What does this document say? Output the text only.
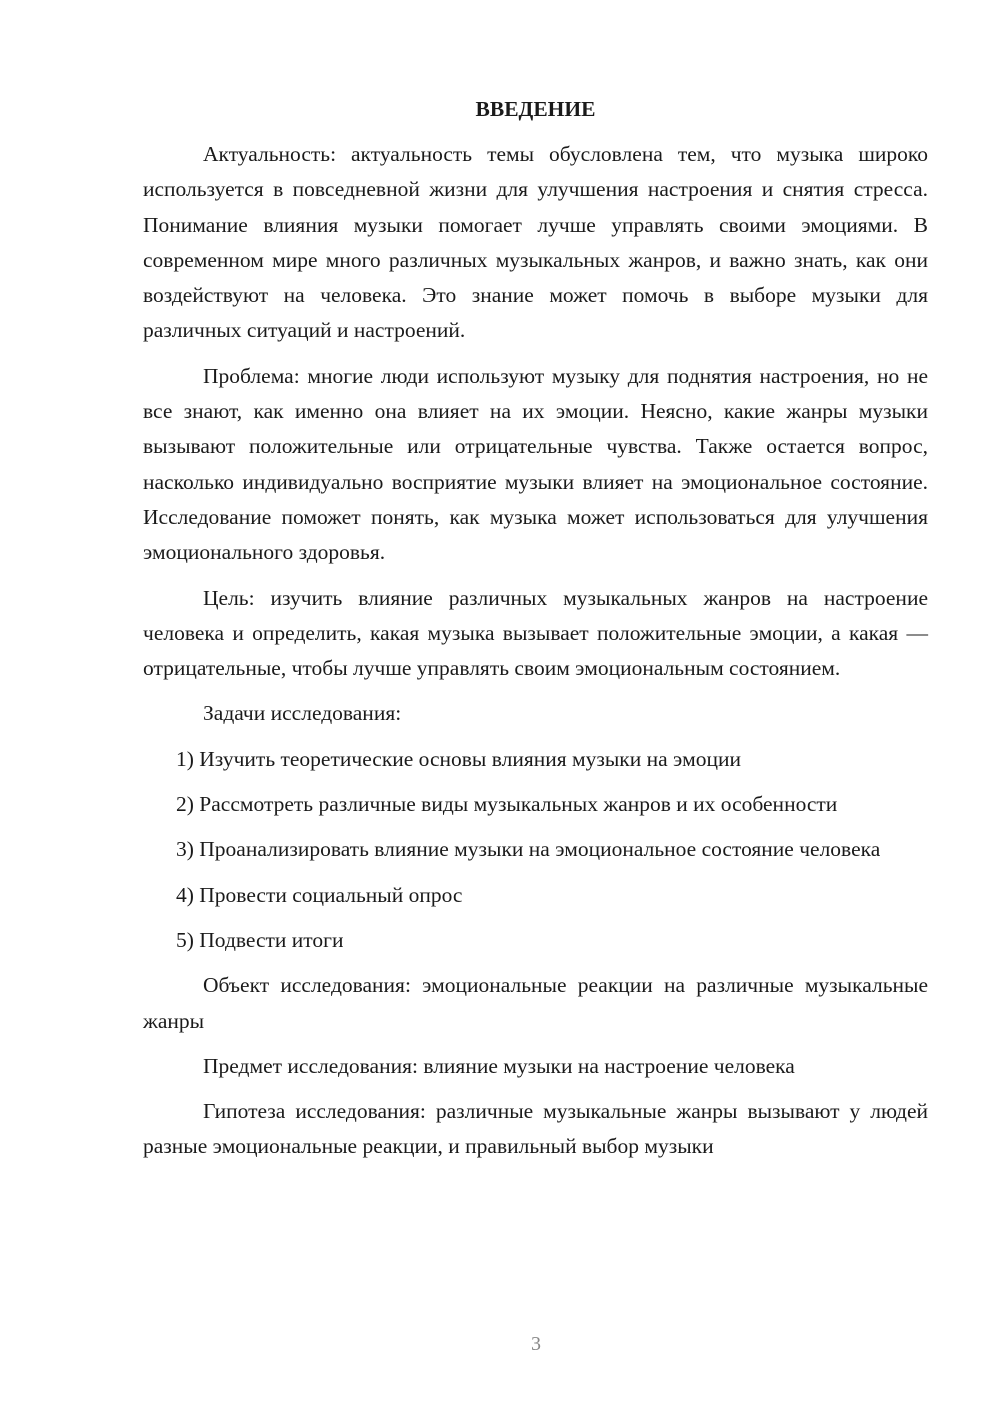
ВВЕДЕНИЕ

Актуальность: актуальность темы обусловлена тем, что музыка широко используется в повседневной жизни для улучшения настроения и снятия стресса. Понимание влияния музыки помогает лучше управлять своими эмоциями. В современном мире много различных музыкальных жанров, и важно знать, как они воздействуют на человека. Это знание может помочь в выборе музыки для различных ситуаций и настроений.

Проблема: многие люди используют музыку для поднятия настроения, но не все знают, как именно она влияет на их эмоции. Неясно, какие жанры музыки вызывают положительные или отрицательные чувства. Также остается вопрос, насколько индивидуально восприятие музыки влияет на эмоциональное состояние. Исследование поможет понять, как музыка может использоваться для улучшения эмоционального здоровья.

Цель: изучить влияние различных музыкальных жанров на настроение человека и определить, какая музыка вызывает положительные эмоции, а какая — отрицательные, чтобы лучше управлять своим эмоциональным состоянием.

Задачи исследования:

1) Изучить теоретические основы влияния музыки на эмоции

2) Рассмотреть различные виды музыкальных жанров и их особенности

3) Проанализировать влияние музыки на эмоциональное состояние человека

4) Провести социальный опрос

5) Подвести итоги

Объект исследования: эмоциональные реакции на различные музыкальные жанры

Предмет исследования: влияние музыки на настроение человека

Гипотеза исследования: различные музыкальные жанры вызывают у людей разные эмоциональные реакции, и правильный выбор музыки

3
